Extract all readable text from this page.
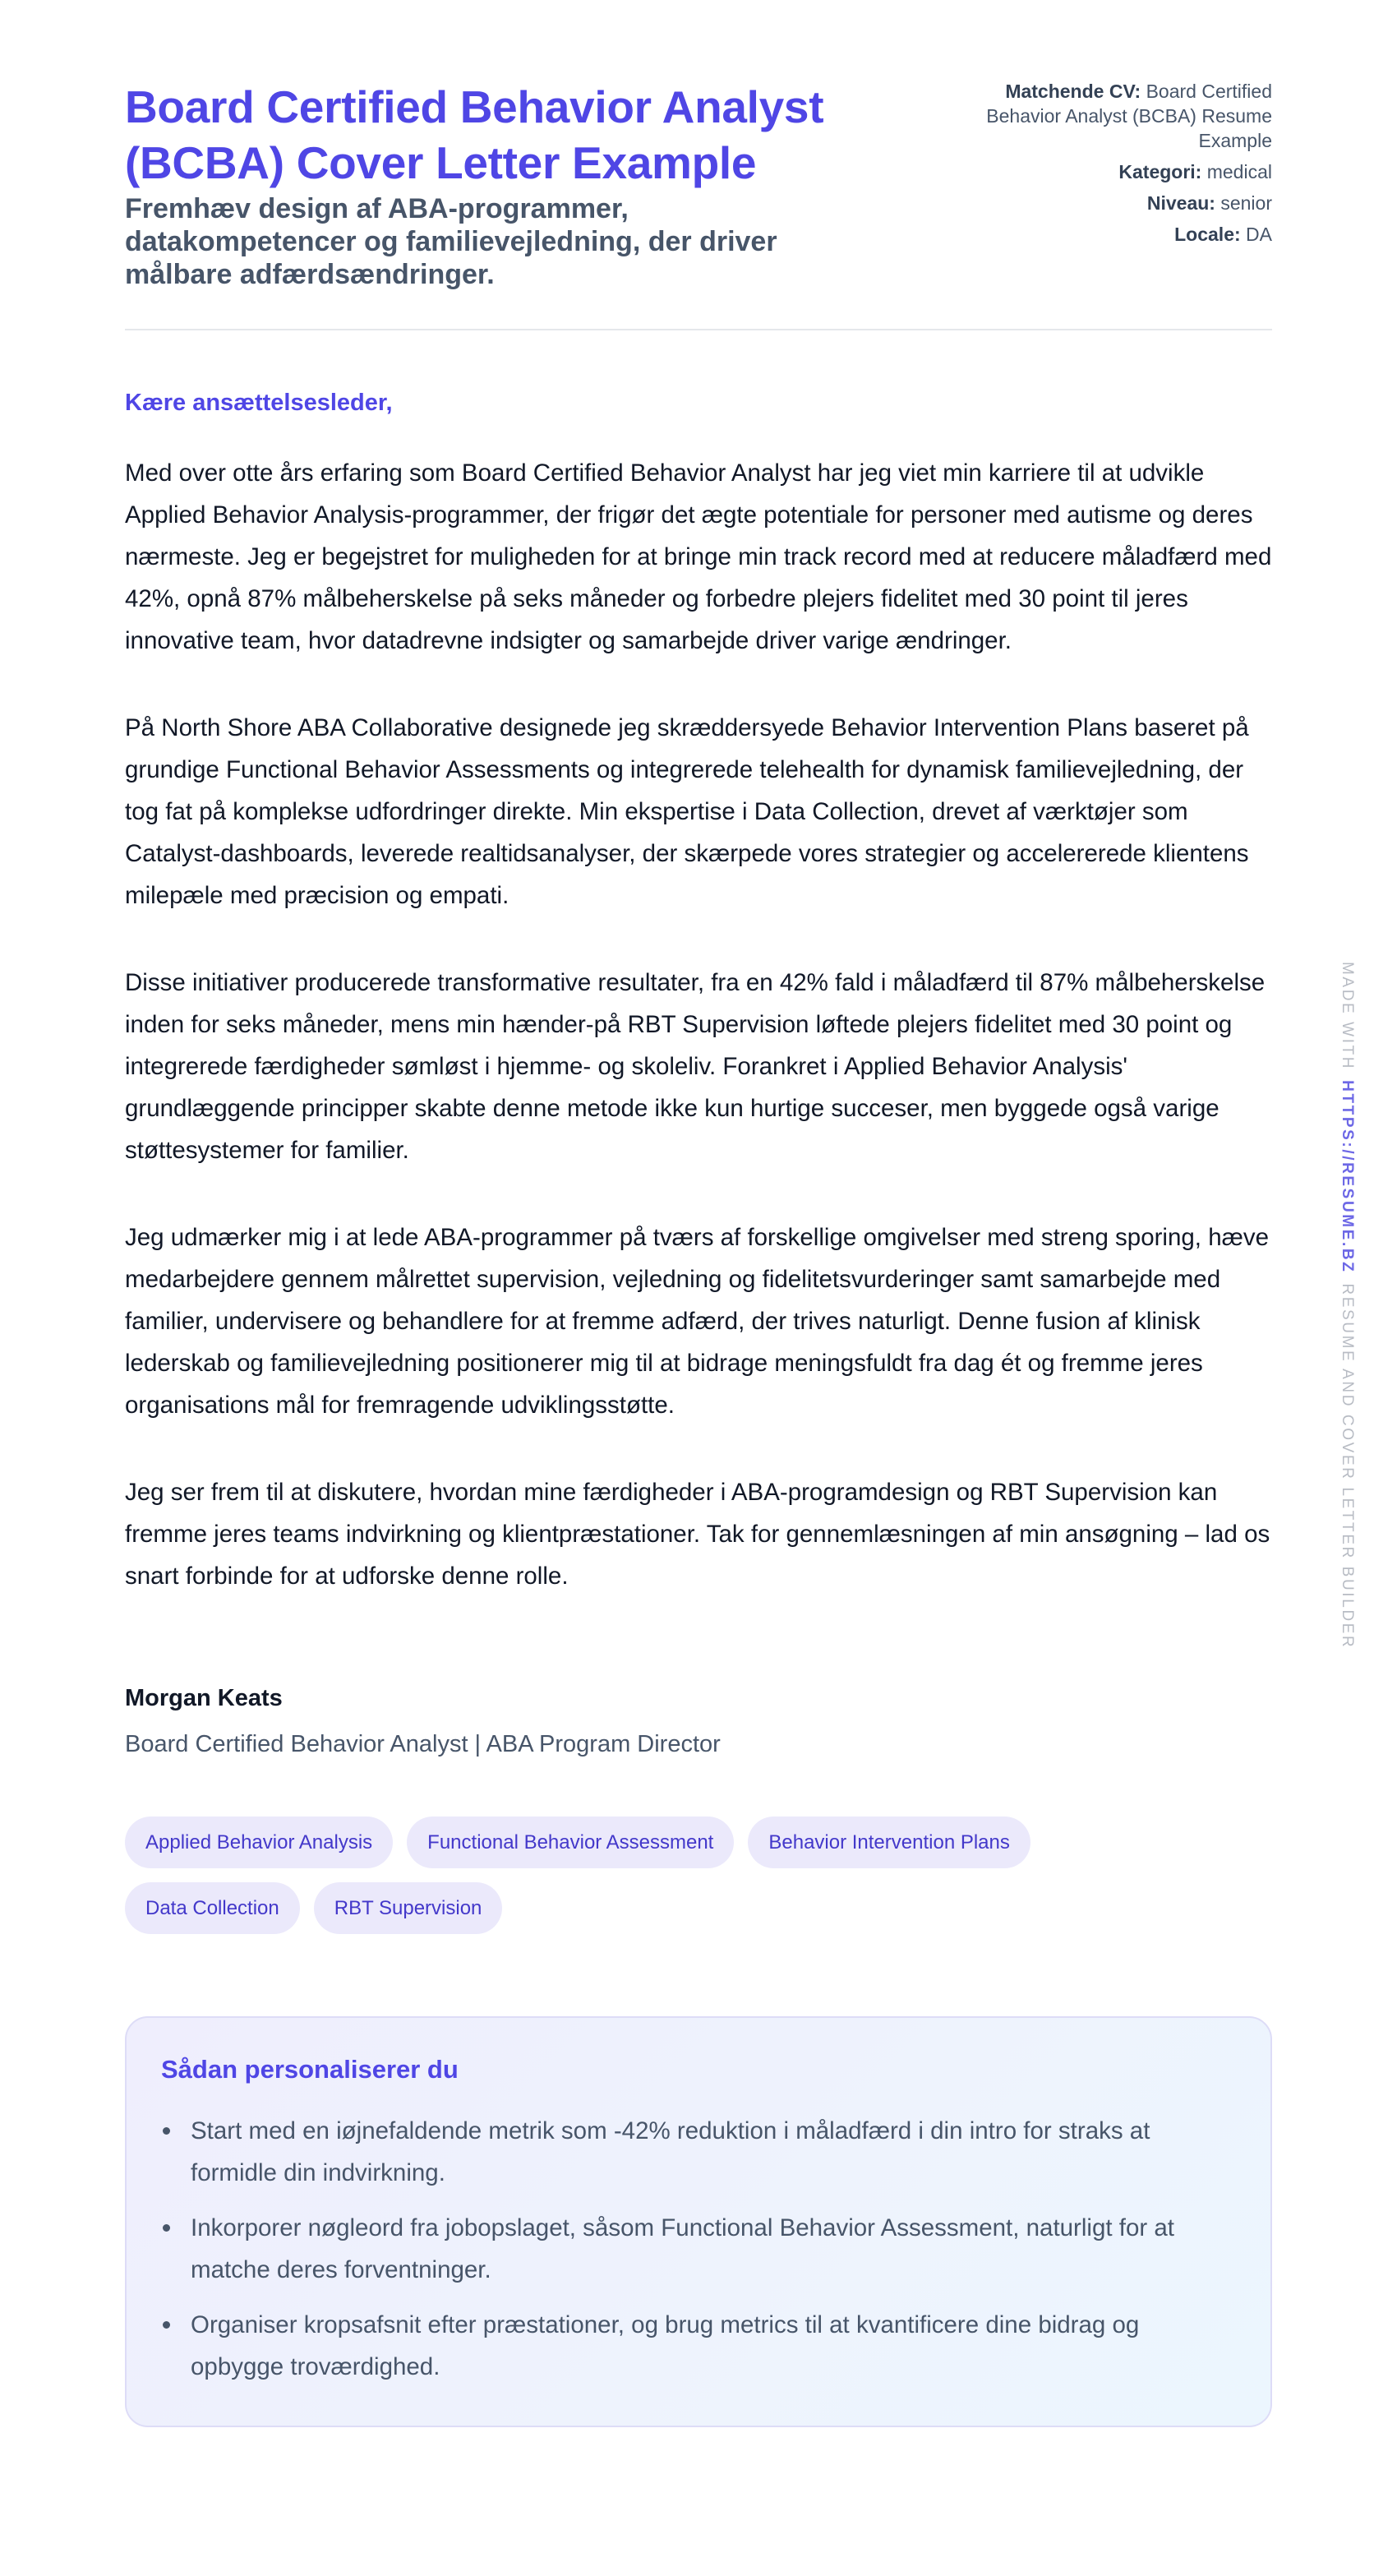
Board Certified Behavior Analyst (BCBA) Cover Letter Example

Fremhæv design af ABA-programmer, datakompetencer og familievejledning, der driver målbare adfærdsændringer.

Matchende CV: Board Certified Behavior Analyst (BCBA) Resume Example
Kategori: medical
Niveau: senior
Locale: DA

Kære ansættelsesleder,

Med over otte års erfaring som Board Certified Behavior Analyst har jeg viet min karriere til at udvikle Applied Behavior Analysis-programmer, der frigør det ægte potentiale for personer med autisme og deres nærmeste. Jeg er begejstret for muligheden for at bringe min track record med at reducere måladfærd med 42%, opnå 87% målbeherskelse på seks måneder og forbedre plejers fidelitet med 30 point til jeres innovative team, hvor datadrevne indsigter og samarbejde driver varige ændringer.

På North Shore ABA Collaborative designede jeg skræddersyede Behavior Intervention Plans baseret på grundige Functional Behavior Assessments og integrerede telehealth for dynamisk familievejledning, der tog fat på komplekse udfordringer direkte. Min ekspertise i Data Collection, drevet af værktøjer som Catalyst-dashboards, leverede realtidsanalyser, der skærpede vores strategier og accelererede klientens milepæle med præcision og empati.

Disse initiativer producerede transformative resultater, fra en 42% fald i måladfærd til 87% målbeherskelse inden for seks måneder, mens min hænder-på RBT Supervision løftede plejers fidelitet med 30 point og integrerede færdigheder sømløst i hjemme- og skoleliv. Forankret i Applied Behavior Analysis' grundlæggende principper skabte denne metode ikke kun hurtige succeser, men byggede også varige støttesystemer for familier.

Jeg udmærker mig i at lede ABA-programmer på tværs af forskellige omgivelser med streng sporing, hæve medarbejdere gennem målrettet supervision, vejledning og fidelitetsvurderinger samt samarbejde med familier, undervisere og behandlere for at fremme adfærd, der trives naturligt. Denne fusion af klinisk lederskab og familievejledning positionerer mig til at bidrage meningsfuldt fra dag ét og fremme jeres organisations mål for fremragende udviklingsstøtte.

Jeg ser frem til at diskutere, hvordan mine færdigheder i ABA-programdesign og RBT Supervision kan fremme jeres teams indvirkning og klientpræstationer. Tak for gennemlæsningen af min ansøgning – lad os snart forbinde for at udforske denne rolle.

Morgan Keats

Board Certified Behavior Analyst | ABA Program Director

Applied Behavior Analysis	Functional Behavior Assessment	Behavior Intervention Plans
Data Collection	RBT Supervision
Sådan personaliserer du
Start med en iøjnefaldende metrik som -42% reduktion i måladfærd i din intro for straks at formidle din indvirkning.
Inkorporer nøgleord fra jobopslaget, såsom Functional Behavior Assessment, naturligt for at matche deres forventninger.
Organiser kropsafsnit efter præstationer, og brug metrics til at kvantificere dine bidrag og opbygge troværdighed.
MADE WITHHTTPS://RESUME.BZRESUME AND COVER LETTER BUILDER
